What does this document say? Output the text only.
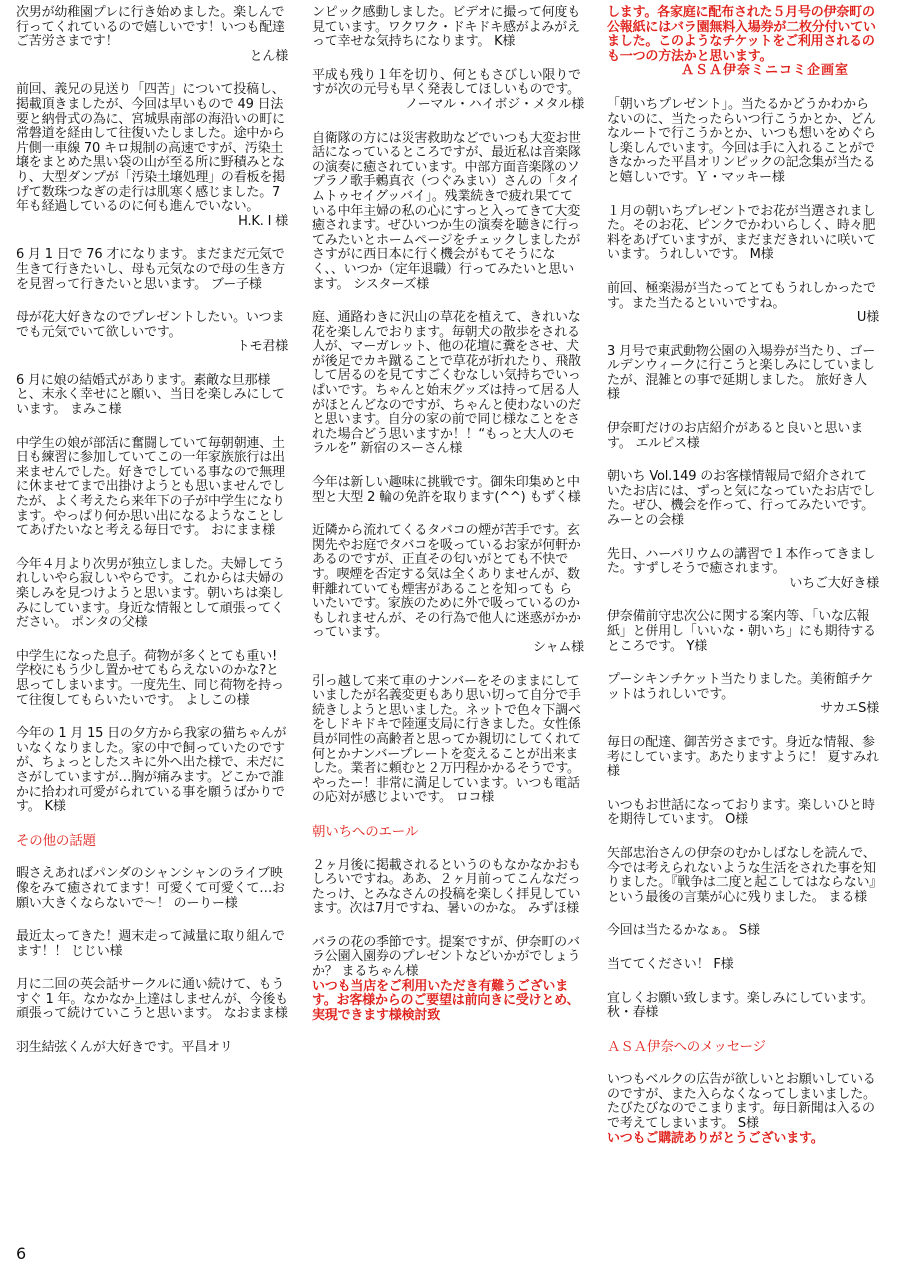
次男が幼稚園プレに行き始めました。楽しんで行ってくれているので嬉しいです！いつも配達ご苦労さまです！
とん様
前回、義兄の見送り「四苦」について投稿し、掲載頂きましたが、今回は早いもので 49 日法要と納骨式の為に、宮城県南部の海沿いの町に常磐道を経由して往復いたしました。途中から片側一車線 70 キロ規制の高速ですが、汚染土壌をまとめた黒い袋の山が至る所に野積みとなり、大型ダンプが「汚染土壌処理」の看板を掲げて数珠つなぎの走行は肌寒く感じました。7 年も経過しているのに何も進んでいない。
H.K. I 様
6 月 1 日で 76 才になります。まだまだ元気で生きて行きたいし、母も元気なので母の生き方を見習って行きたいと思います。 ブー子様
母が花大好きなのでプレゼントしたい。いつまでも元気でいて欲しいです。
トモ君様
6 月に娘の結婚式があります。素敵な旦那様と、末永く幸せにと願い、当日を楽しみにしています。 まみこ様
中学生の娘が部活に奮闘していて毎朝朝連、土日も練習に参加していてこの一年家族旅行は出来ませんでした。好きでしている事なので無理に休ませてまで出掛けようとも思いませんでしたが、よく考えたら来年下の子が中学生になります。やっぱり何か思い出になるようなことしてあげたいなと考える毎日です。 おにまま様
今年４月より次男が独立しました。夫婦してうれしいやら寂しいやらです。これからは夫婦の楽しみを見つけようと思います。朝いちは楽しみにしています。身近な情報として頑張ってください。 ポンタの父様
中学生になった息子。荷物が多くとても重い!学校にもう少し置かせてもらえないのかな?と思ってしまいます。一度先生、同じ荷物を持って往復してもらいたいです。 よしこの様
今年の 1 月 15 日の夕方から我家の猫ちゃんがいなくなりました。家の中で飼っていたのですが、ちょっとしたスキに外へ出た様で、未だにさがしていますが…胸が痛みます。どこかで誰かに拾われ可愛がられている事を願うばかりです。 K様
その他の話題
暇さえあればパンダのシャンシャンのライブ映像をみて癒されてます！可愛くて可愛くて…お願い大きくならないで～！ のーりー様
最近太ってきた！週末走って減量に取り組んでます！！ じじい様
月に二回の英会話サークルに通い続けて、もうすぐ 1 年。なかなか上達はしませんが、今後も頑張って続けていこうと思います。 なおまま様
羽生結弦くんが大好きです。平昌オリ
ンピック感動しました。ビデオに撮って何度も見ています。ワクワク・ドキドキ感がよみがえって幸せな気持ちになります。 K様
平成も残り１年を切り、何ともさびしい限りですが次の元号も早く発表してほしいものです。
ノーマル・ハイボジ・メタル様
自衛隊の方には災害救助などでいつも大変お世話になっているところですが、最近私は音楽隊の演奏に癒されています。中部方面音楽隊のソプラノ歌手鶫真衣（つぐみまい）さんの「タイムトゥセイグッバイ」。残業続きで疲れ果てている中年主婦の私の心にすっと入ってきて大変癒されます。ぜひいつか生の演奏を聴きに行ってみたいとホームページをチェックしましたがさすがに西日本に行く機会がもてそうになく、、いつか（定年退職）行ってみたいと思います。 シスターズ様
庭、通路わきに沢山の草花を植えて、きれいな花を楽しんでおります。毎朝犬の散歩をされる人が、マーガレット、他の花壇に糞をさせ、犬が後足でカキ蹴ることで草花が折れたり、飛散して居るのを見てすごくむなしい気持ちでいっぱいです。ちゃんと始末グッズは持って居る人がほとんどなのですが、ちゃんと使わないのだと思います。自分の家の前で同じ様なことをされた場合どう思いますか！！“もっと大人のモラルを” 新宿のスーさん様
今年は新しい趣味に挑戦です。御朱印集めと中型と大型 2 輪の免許を取ります(^^) もずく様
近隣から流れてくるタバコの煙が苦手です。玄関先やお庭でタバコを吸っているお家が何軒かあるのですが、正直その匂いがとても不快です。喫煙を否定する気は全くありませんが、数軒離れていても煙害があることを知っても らいたいです。家族のために外で吸っているのかもしれませんが、その行為で他人に迷惑がかかっています。
シャム様
引っ越して来て車のナンバーをそのままにしていましたが名義変更もあり思い切って自分で手続きしようと思いました。ネットで色々下調べをしドキドキで陸運支局に行きました。女性係員が同性の高齢者と思ってか親切にしてくれて何とかナンバープレートを変えることが出来ました。業者に頼むと２万円程かかるそうです。やったー！非常に満足しています。いつも電話の応対が感じよいです。 ロコ様
朝いちへのエール
２ヶ月後に掲載されるというのもなかなかおもしろいですね。ああ、２ヶ月前ってこんなだったっけ、とみなさんの投稿を楽しく拝見しています。次は7月ですね、暑いのかな。 みずほ様
バラの花の季節です。提案ですが、伊奈町のバラ公園入園券のプレゼントなどいかがでしょうか？ まるちゃん様
いつも当店をご利用いただき有難うございます。お客様からのご要望は前向きに受けとめ、実現できます様検討致
します。各家庭に配布された５月号の伊奈町の公報紙にはバラ園無料入場券が二枚分付いていました。このようなチケットをご利用されるのも一つの方法かと思います。
ＡＳＡ伊奈ミニコミ企画室
「朝いちプレゼント」。当たるかどうかわからないのに、当たったらいつ行こうかとか、どんなルートで行こうかとか、いつも想いをめぐらし楽しんでいます。今回は手に入れることができなかった平昌オリンピックの記念集が当たると嬉しいです。Ｙ・マッキー様
１月の朝いちプレゼントでお花が当選されました。そのお花、ピンクでかわいらしく、時々肥料をあげていますが、まだまだきれいに咲いています。うれしいです。 M様
前回、極楽湯が当たってとてもうれしかったです。また当たるといいですね。
U様
3 月号で東武動物公園の入場券が当たり、ゴールデンウィークに行こうと楽しみにしていましたが、混雑との事で延期しました。 旅好き人様
伊奈町だけのお店紹介があると良いと思います。 エルピス様
朝いち Vol.149 のお客様情報局で紹介されていたお店には、ずっと気になっていたお店でした。ぜひ、機会を作って、行ってみたいです。 みーとの会様
先日、ハーバリウムの講習で１本作ってきました。すずしそうで癒されます。
いちご大好き様
伊奈備前守忠次公に関する案内等、「いな広報紙」と併用し「いいな・朝いち」にも期待するところです。 Y様
プーシキンチケット当たりました。美術館チケットはうれしいです。
サカエS様
毎日の配達、御苦労さまです。身近な情報、参考にしています。あたりますように！ 夏すみれ様
いつもお世話になっております。楽しいひと時を期待しています。 O様
矢部忠治さんの伊奈のむかしばなしを読んで、今では考えられないような生活をされた事を知りました。『戦争は二度と起こしてはならない』という最後の言葉が心に残りました。 まる様
今回は当たるかなぁ。 S様
当ててください！ F様
宜しくお願い致します。楽しみにしています。 秋・春様
ＡＳＡ伊奈へのメッセージ
いつもベルクの広告が欲しいとお願いしているのですが、また入らなくなってしまいました。たびたびなのでこまります。毎日新聞は入るので考えてしまいます。 S様
いつもご購読ありがとうございます。
6
